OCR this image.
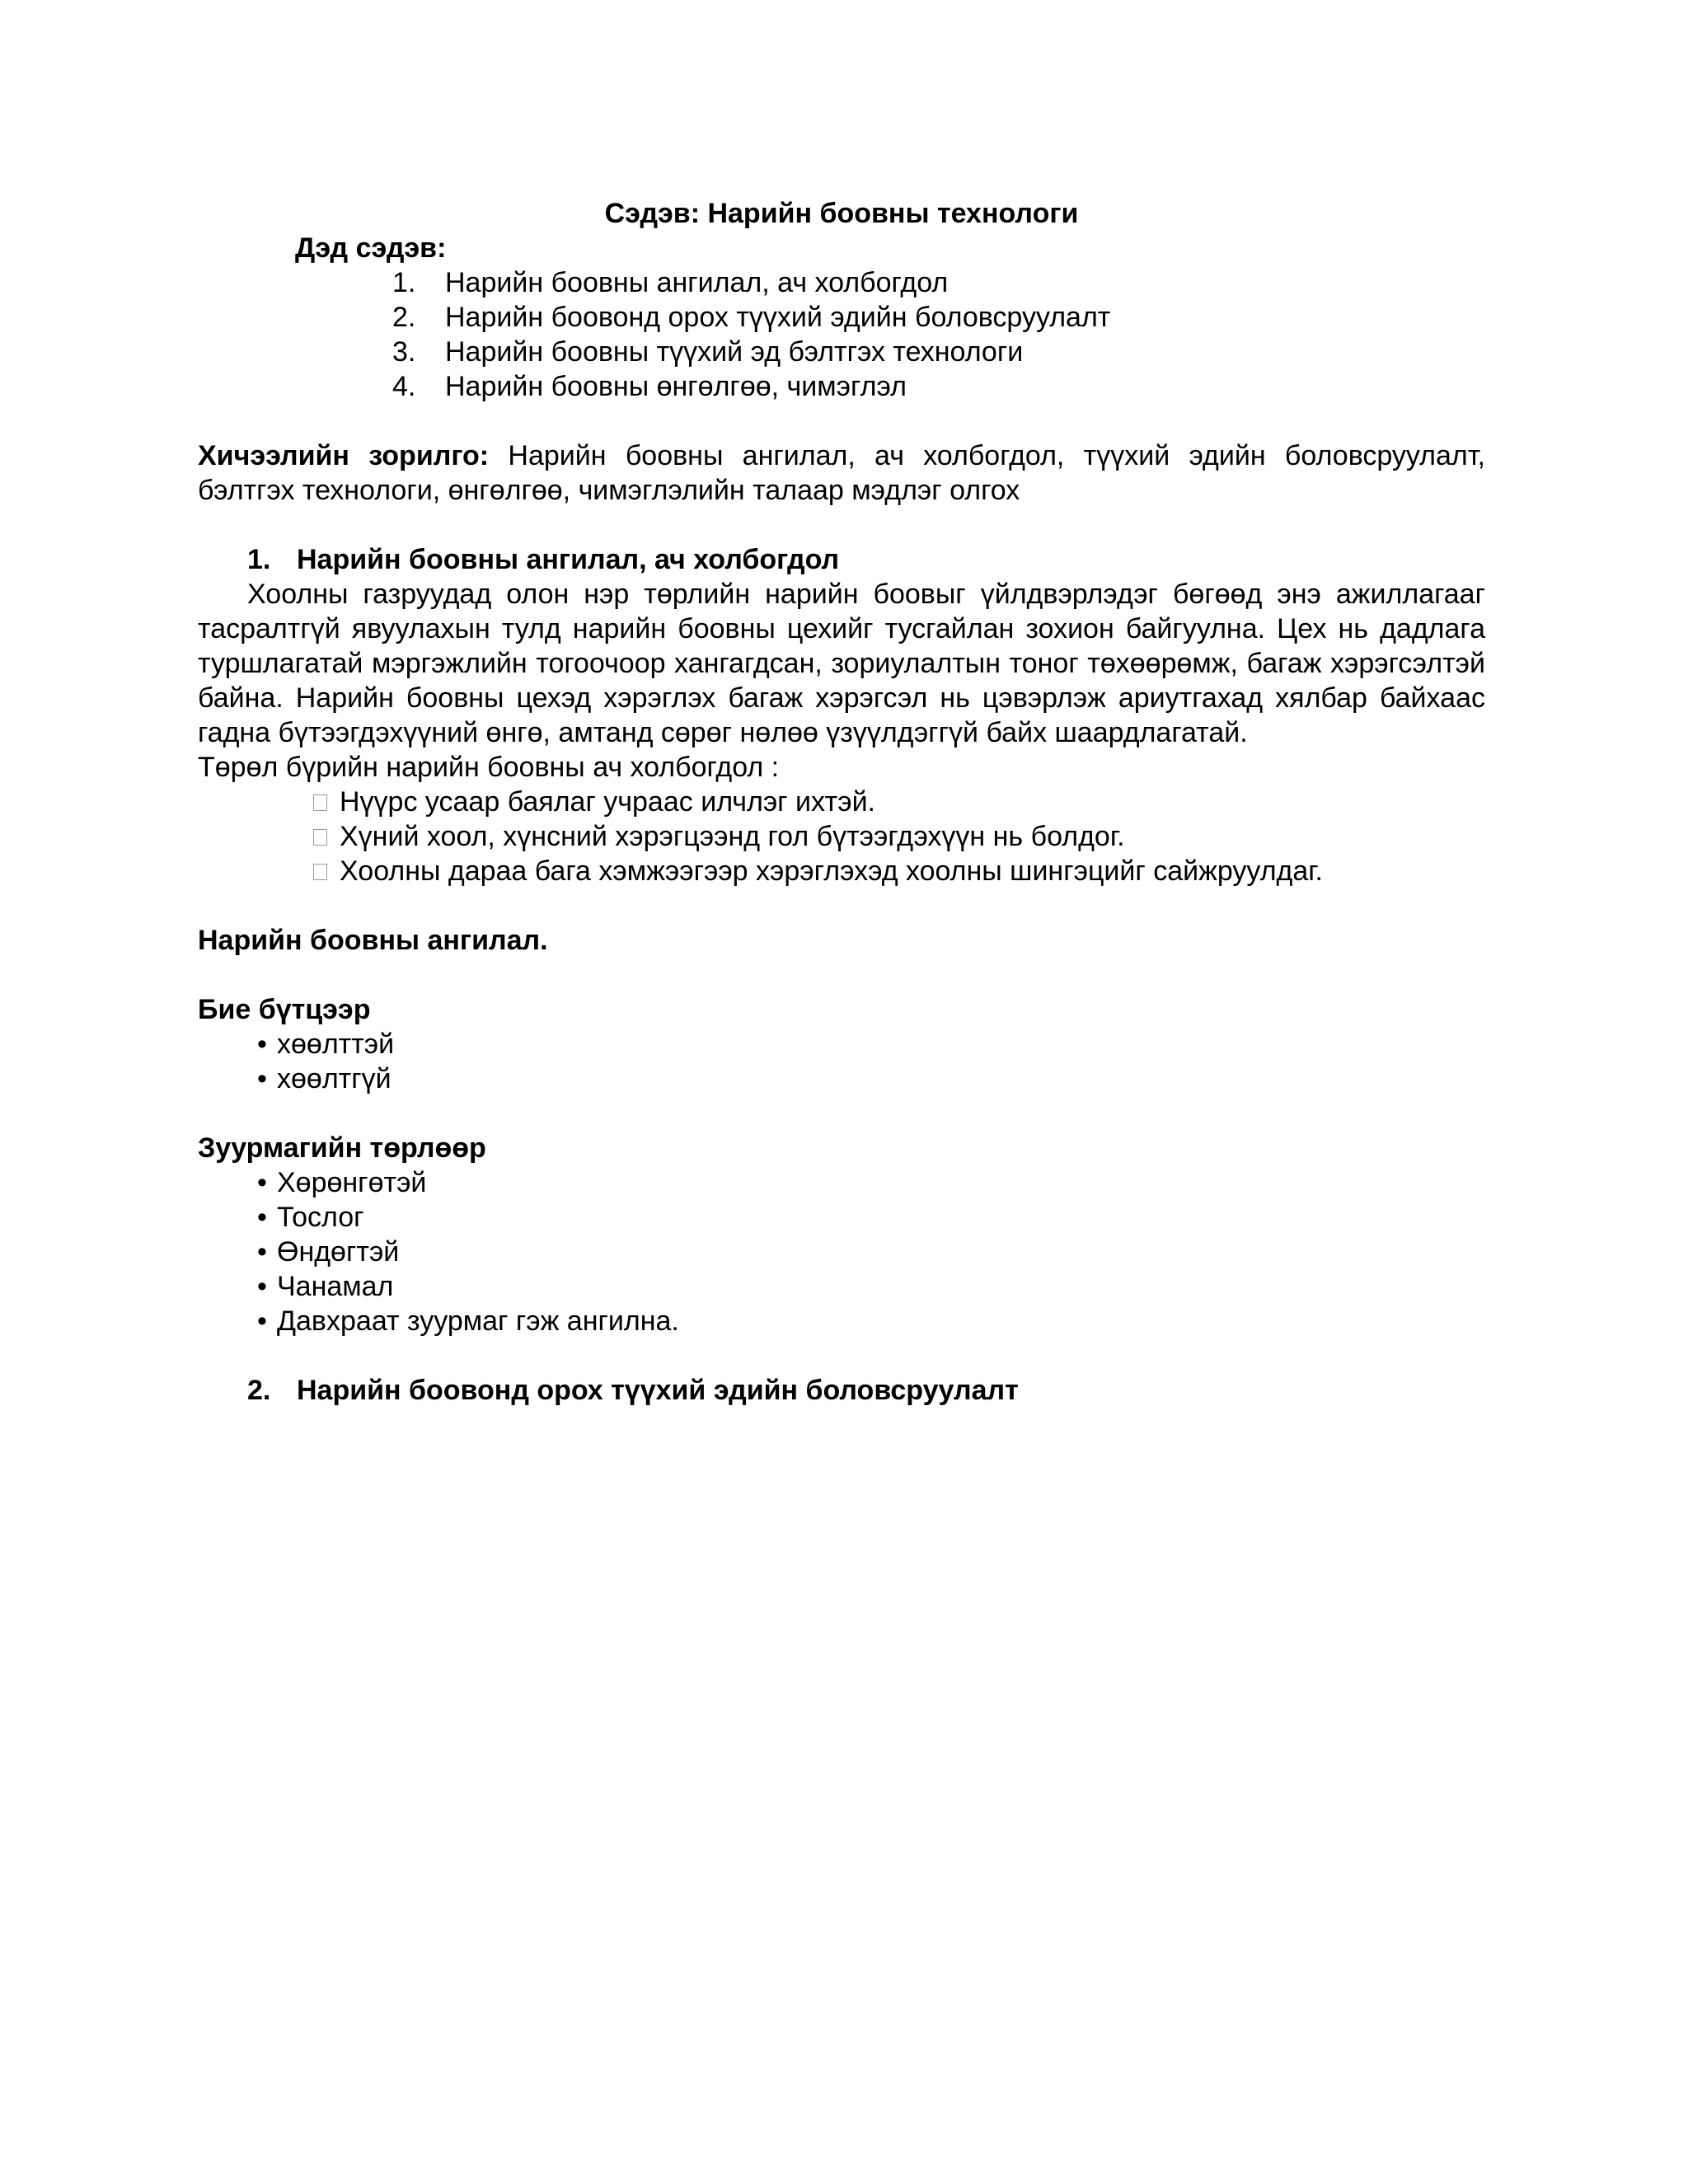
Сэдэв: Нарийн боовны технологи

Дэд сэдэв:

1. Нарийн боовны ангилал, ач холбогдол
2. Нарийн боовонд орох түүхий эдийн боловсруулалт
3. Нарийн боовны түүхий эд бэлтгэх технологи
4. Нарийн боовны өнгөлгөө, чимэглэл

Хичээлийн зорилго: Нарийн боовны ангилал, ач холбогдол, түүхий эдийн боловсруулалт, бэлтгэх технологи, өнгөлгөө, чимэглэлийн талаар мэдлэг олгох

1. Нарийн боовны ангилал, ач холбогдол

Хоолны газруудад олон нэр төрлийн нарийн боовыг үйлдвэрлэдэг бөгөөд энэ ажиллагааг тасралтгүй явуулахын тулд нарийн боовны цехийг тусгайлан зохион байгуулна. Цех нь дадлага туршлагатай мэргэжлийн тогоочоор хангагдсан, зориулалтын тоног төхөөрөмж, багаж хэрэгсэлтэй байна. Нарийн боовны цехэд хэрэглэх багаж хэрэгсэл нь цэвэрлэж ариутгахад хялбар байхаас гадна бүтээгдэхүүний өнгө, амтанд сөрөг нөлөө үзүүлдэггүй байх шаардлагатай.

Төрөл бүрийн нарийн боовны ач холбогдол :

Нүүрс усаар баялаг учраас илчлэг ихтэй.
Хүний хоол, хүнсний хэрэгцээнд гол бүтээгдэхүүн нь болдог.
Хоолны дараа бага хэмжээгээр хэрэглэхэд хоолны шингэцийг сайжруулдаг.

Нарийн боовны ангилал.

Бие бүтцээр

• хөөлттэй
• хөөлтгүй

Зуурмагийн төрлөөр

• Хөрөнгөтэй
• Тослог
• Өндөгтэй
• Чанамал
• Давхраат зуурмаг гэж ангилна.

2. Нарийн боовонд орох түүхий эдийн боловсруулалт
